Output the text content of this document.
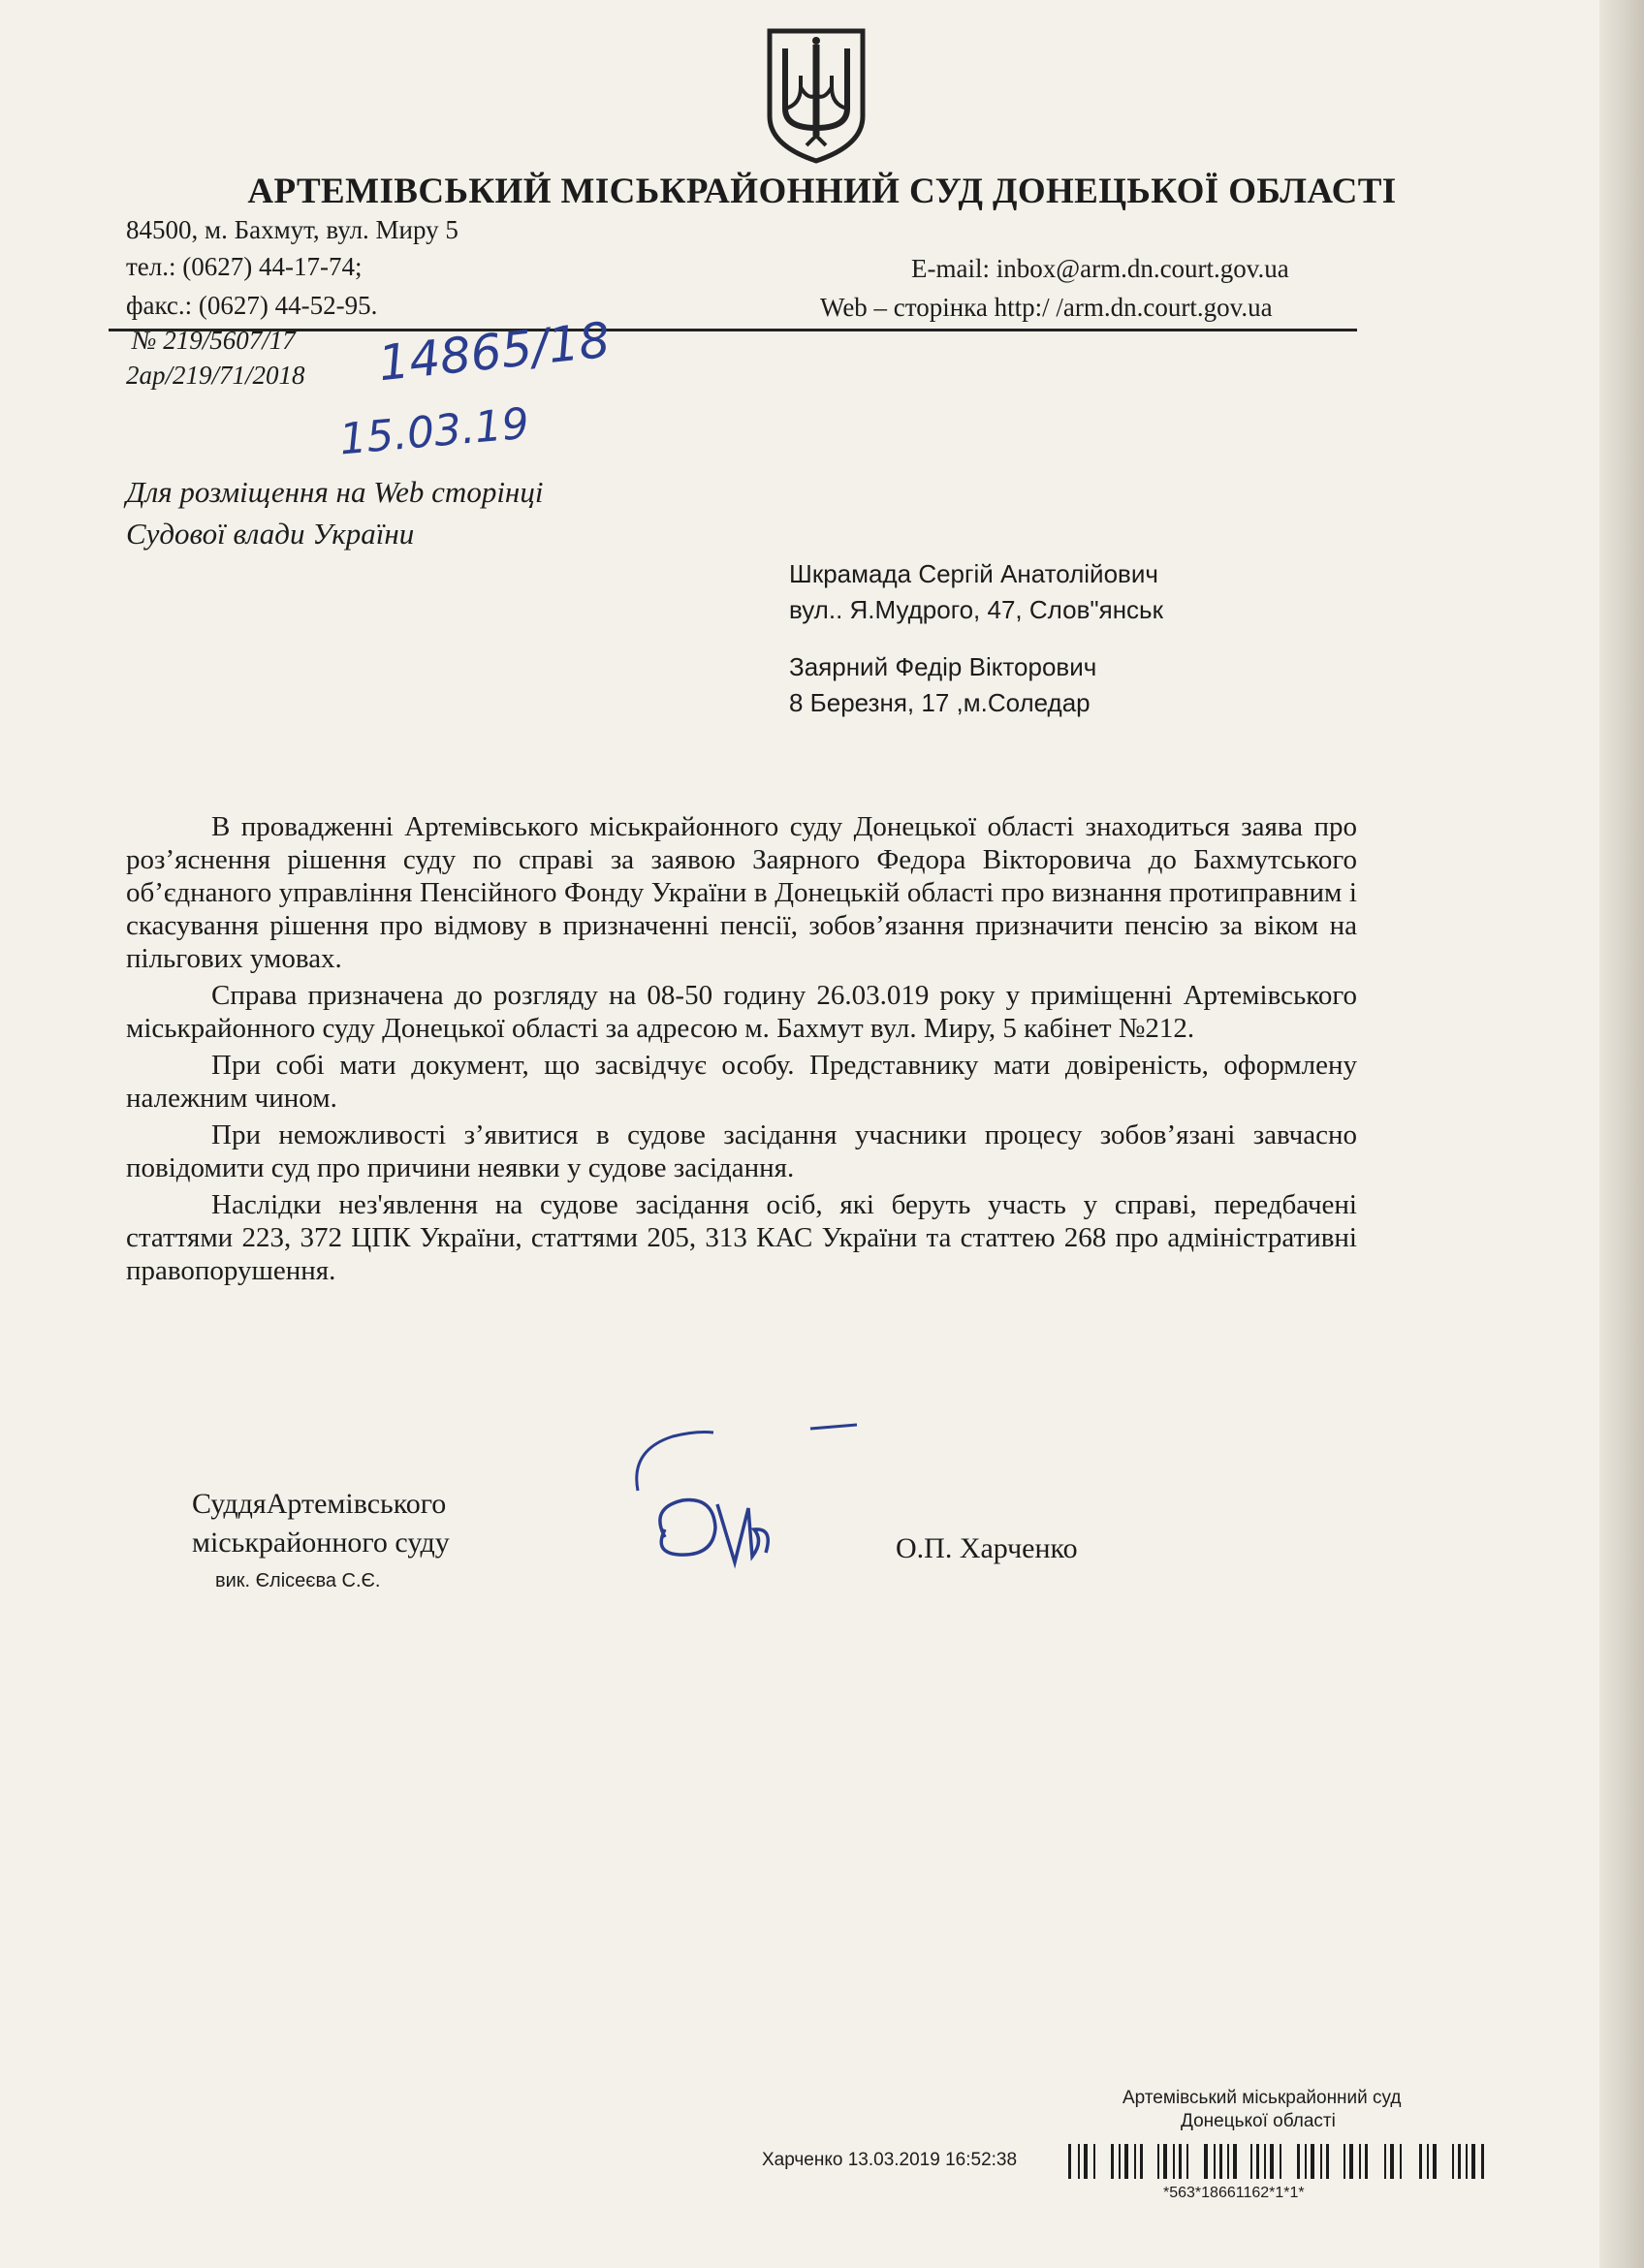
АРТЕМІВСЬКИЙ МІСЬКРАЙОННИЙ СУД ДОНЕЦЬКОЇ ОБЛАСТІ
84500, м. Бахмут, вул. Миру 5
тел.: (0627) 44-17-74;
факс.: (0627) 44-52-95.
E-mail: inbox@arm.dn.court.gov.ua
Web – сторінка http:/ /arm.dn.court.gov.ua
№ 219/5607/17
2ар/219/71/2018 14865/18
15.03.19
Для розміщення на Web сторінці
Судової влади України
Шкрамада Сергій Анатолійович
вул.. Я.Мудрого, 47, Слов"янськ
Заярний Федір Вікторович
8 Березня, 17 ,м.Соледар

В провадженні Артемівського міськрайонного суду Донецької області знаходиться заява про роз’яснення рішення суду по справі за заявою Заярного Федора Вікторовича до Бахмутського об’єднаного управління Пенсійного Фонду України в Донецькій області про визнання протиправним і скасування рішення про відмову в призначенні пенсії, зобов’язання призначити пенсію за віком на пільгових умовах.

Справа призначена до розгляду на 08-50 годину 26.03.019 року у приміщенні Артемівського міськрайонного суду Донецької області за адресою м. Бахмут вул. Миру, 5 кабінет №212.

При собі мати документ, що засвідчує особу. Представнику мати довіреність, оформлену належним чином.

При неможливості з’явитися в судове засідання учасники процесу зобов’язані завчасно повідомити суд про причини неявки у судове засідання.

Наслідки нез'явлення на судове засідання осіб, які беруть участь у справі, передбачені статтями 223, 372 ЦПК України, статтями 205, 313 КАС України та статтею 268 про адміністративні правопорушення.

СуддяАртемівського
міськрайонного суду
вик. Єлісеєва С.Є.
О.П. Харченко
Артемівський міськрайонний суд
Донецької області
Харченко 13.03.2019 16:52:38
*563*18661162*1*1*
